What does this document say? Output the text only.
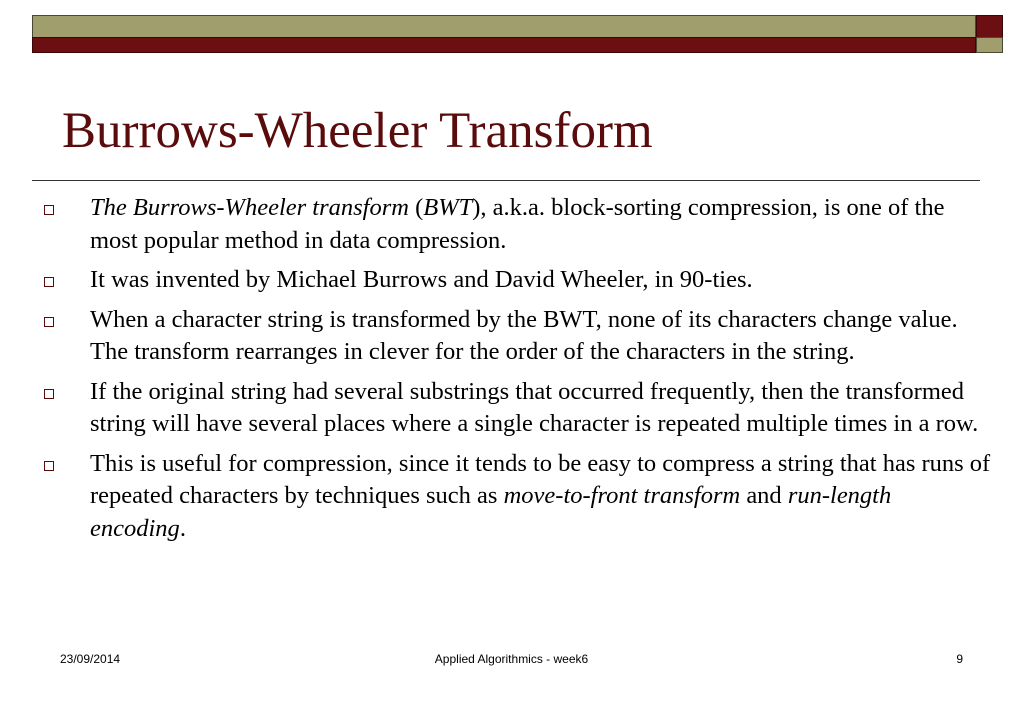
Burrows-Wheeler Transform
The Burrows-Wheeler transform (BWT), a.k.a. block-sorting compression, is one of the most popular method in data compression.
It was invented by Michael Burrows and David Wheeler, in 90-ties.
When a character string is transformed by the BWT, none of its characters change value. The transform rearranges in clever for the order of the characters in the string.
If the original string had several substrings that occurred frequently, then the transformed string will have several places where a single character is repeated multiple times in a row.
This is useful for compression, since it tends to be easy to compress a string that has runs of repeated characters by techniques such as move-to-front transform and run-length encoding.
23/09/2014	Applied Algorithmics - week6	9
